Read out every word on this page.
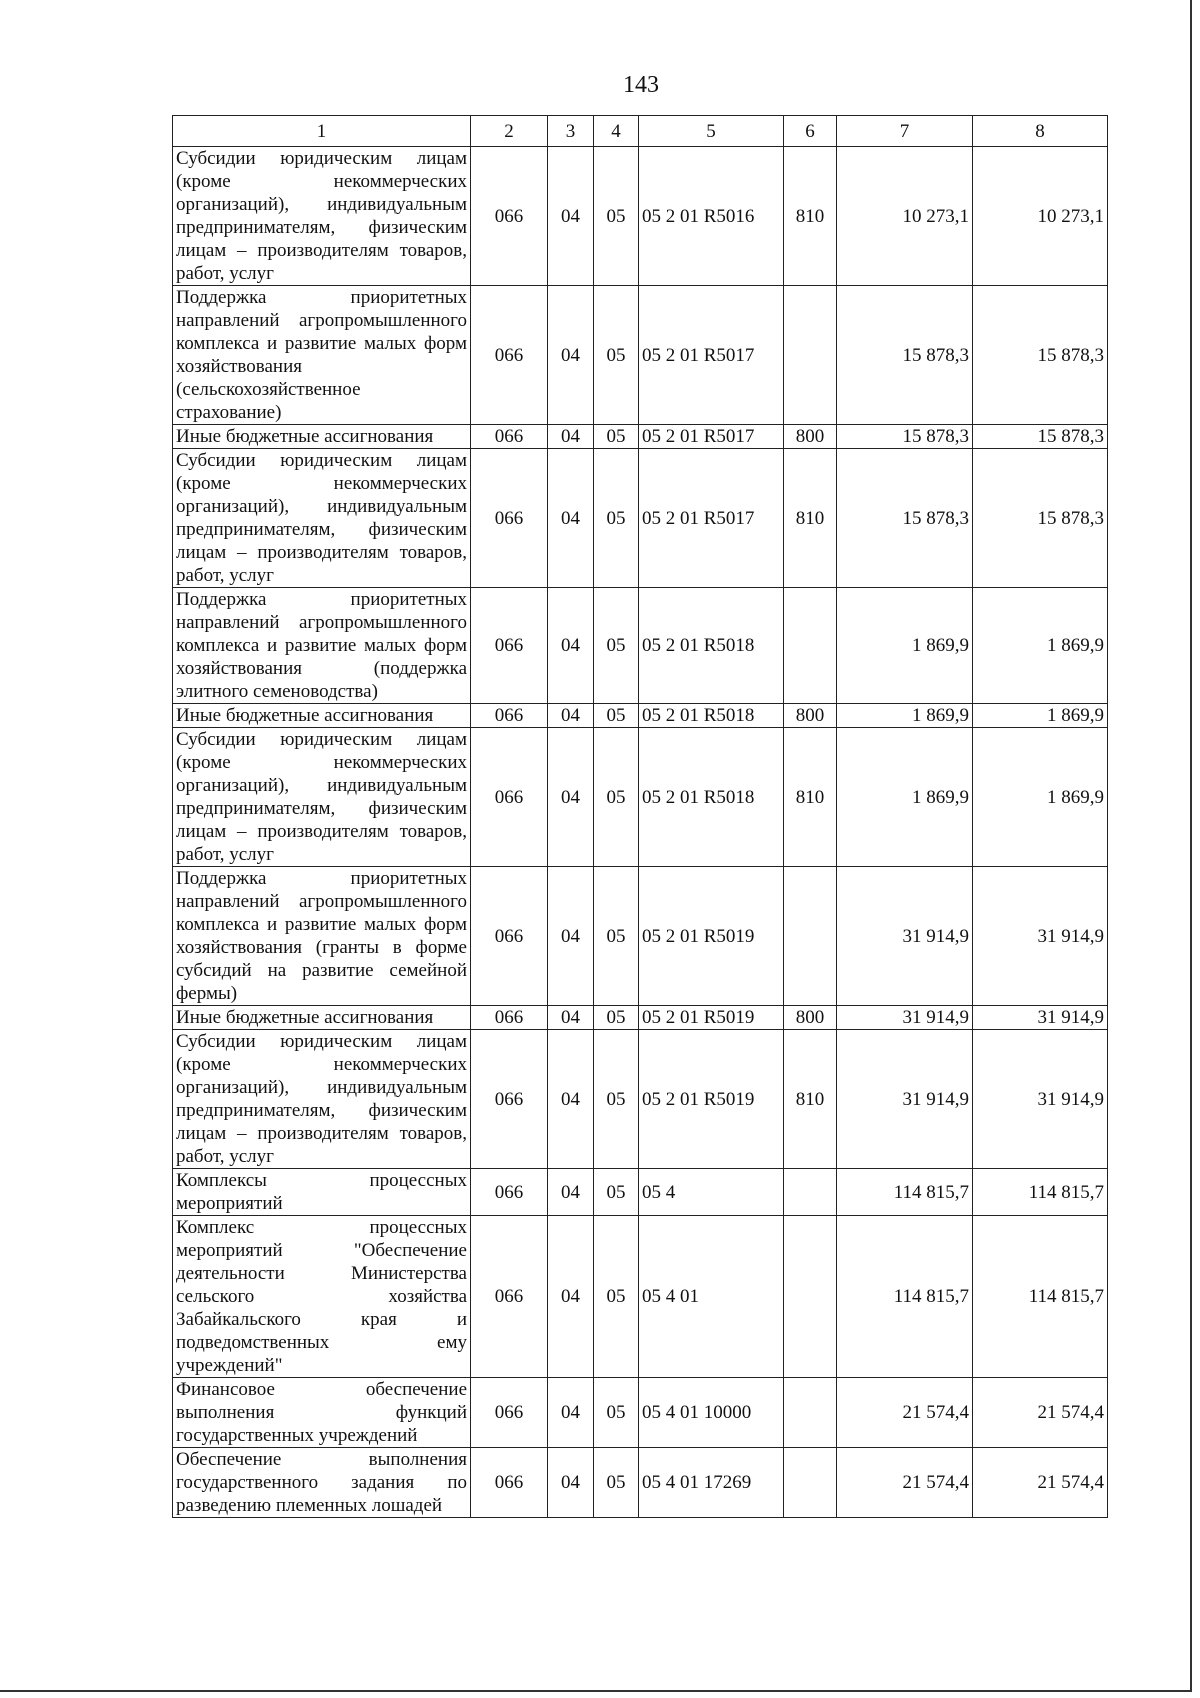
143
1	2	3	4	5	6	7	8
Субсидии юридическим лицам (кроме некоммерческих организаций), индивидуальным предпринимателям, физическим лицам – производителям товаров, работ, услуг	066	04	05	05 2 01 R5016	810	10 273,1	10 273,1
Поддержка приоритетных направлений агропромышленного комплекса и развитие малых форм хозяйствования (сельскохозяйственное страхование)	066	04	05	05 2 01 R5017		15 878,3	15 878,3
Иные бюджетные ассигнования	066	04	05	05 2 01 R5017	800	15 878,3	15 878,3
Субсидии юридическим лицам (кроме некоммерческих организаций), индивидуальным предпринимателям, физическим лицам – производителям товаров, работ, услуг	066	04	05	05 2 01 R5017	810	15 878,3	15 878,3
Поддержка приоритетных направлений агропромышленного комплекса и развитие малых форм хозяйствования (поддержка элитного семеноводства)	066	04	05	05 2 01 R5018		1 869,9	1 869,9
Иные бюджетные ассигнования	066	04	05	05 2 01 R5018	800	1 869,9	1 869,9
Субсидии юридическим лицам (кроме некоммерческих организаций), индивидуальным предпринимателям, физическим лицам – производителям товаров, работ, услуг	066	04	05	05 2 01 R5018	810	1 869,9	1 869,9
Поддержка приоритетных направлений агропромышленного комплекса и развитие малых форм хозяйствования (гранты в форме субсидий на развитие семейной фермы)	066	04	05	05 2 01 R5019		31 914,9	31 914,9
Иные бюджетные ассигнования	066	04	05	05 2 01 R5019	800	31 914,9	31 914,9
Субсидии юридическим лицам (кроме некоммерческих организаций), индивидуальным предпринимателям, физическим лицам – производителям товаров, работ, услуг	066	04	05	05 2 01 R5019	810	31 914,9	31 914,9
Комплексы процессных мероприятий	066	04	05	05 4		114 815,7	114 815,7
Комплекс процессных мероприятий "Обеспечение деятельности Министерства сельского хозяйства Забайкальского края и подведомственных ему учреждений"	066	04	05	05 4 01		114 815,7	114 815,7
Финансовое обеспечение выполнения функций государственных учреждений	066	04	05	05 4 01 10000		21 574,4	21 574,4
Обеспечение выполнения государственного задания по разведению племенных лошадей	066	04	05	05 4 01 17269		21 574,4	21 574,4
